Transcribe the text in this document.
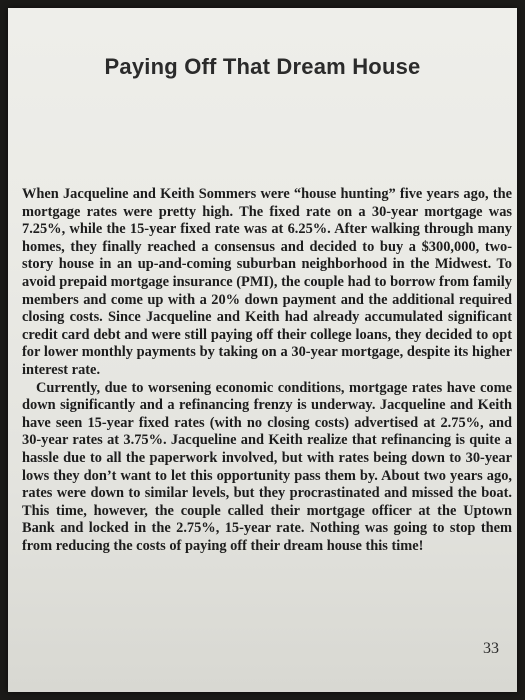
Paying Off That Dream House

When Jacqueline and Keith Sommers were “house hunting” five years ago, the mortgage rates were pretty high. The fixed rate on a 30-year mortgage was 7.25%, while the 15-year fixed rate was at 6.25%. After walking through many homes, they finally reached a consensus and decided to buy a $300,000, two-story house in an up-and-coming suburban neighborhood in the Midwest. To avoid prepaid mortgage insurance (PMI), the couple had to borrow from family members and come up with a 20% down payment and the additional required closing costs. Since Jacqueline and Keith had already accumulated significant credit card debt and were still paying off their college loans, they decided to opt for lower monthly payments by taking on a 30-year mortgage, despite its higher interest rate.

Currently, due to worsening economic conditions, mortgage rates have come down significantly and a refinancing frenzy is underway. Jacqueline and Keith have seen 15-year fixed rates (with no closing costs) advertised at 2.75%, and 30-year rates at 3.75%. Jacqueline and Keith realize that refinancing is quite a hassle due to all the paperwork involved, but with rates being down to 30-year lows they don’t want to let this opportunity pass them by. About two years ago, rates were down to similar levels, but they procrastinated and missed the boat. This time, however, the couple called their mortgage officer at the Uptown Bank and locked in the 2.75%, 15-year rate. Nothing was going to stop them from reducing the costs of paying off their dream house this time!

33
